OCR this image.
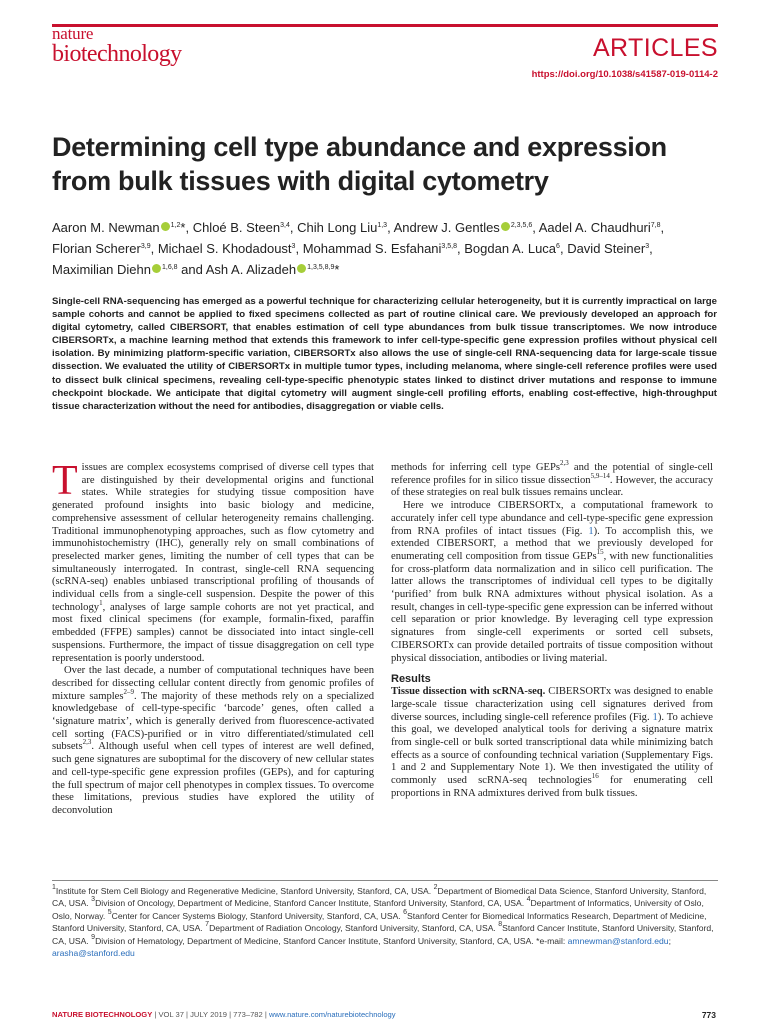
nature
biotechnology	ARTICLES
https://doi.org/10.1038/s41587-019-0114-2
Determining cell type abundance and expression from bulk tissues with digital cytometry
Aaron M. Newman $^{1,2}$*, Chloé B. Steen$^{3,4}$, Chih Long Liu$^{1,3}$, Andrew J. Gentles $^{2,3,5,6}$, Aadel A. Chaudhuri$^{7,8}$, Florian Scherer$^{3,9}$, Michael S. Khodadoust$^3$, Mohammad S. Esfahani$^{3,5,8}$, Bogdan A. Luca$^6$, David Steiner$^3$, Maximilian Diehn $^{1,6,8}$ and Ash A. Alizadeh $^{1,3,5,8,9}$*

Single-cell RNA-sequencing has emerged as a powerful technique for characterizing cellular heterogeneity, but it is currently impractical on large sample cohorts and cannot be applied to fixed specimens collected as part of routine clinical care. We previously developed an approach for digital cytometry, called CIBERSORT, that enables estimation of cell type abundances from bulk tissue transcriptomes. We now introduce CIBERSORTx, a machine learning method that extends this framework to infer cell-type-specific gene expression profiles without physical cell isolation. By minimizing platform-specific variation, CIBERSORTx also allows the use of single-cell RNA-sequencing data for large-scale tissue dissection. We evaluated the utility of CIBERSORTx in multiple tumor types, including melanoma, where single-cell reference profiles were used to dissect bulk clinical specimens, revealing cell-type-specific phenotypic states linked to distinct driver mutations and response to immune checkpoint blockade. We anticipate that digital cytometry will augment single-cell profiling efforts, enabling cost-effective, high-throughput tissue characterization without the need for antibodies, disaggregation or viable cells.

Tissues are complex ecosystems comprised of diverse cell types that are distinguished by their developmental origins and functional states. While strategies for studying tissue composition have generated profound insights into basic biology and medicine, comprehensive assessment of cellular heterogeneity remains challenging. Traditional immunophenotyping approaches, such as flow cytometry and immunohistochemistry (IHC), generally rely on small combinations of preselected marker genes, limiting the number of cell types that can be simultaneously interrogated. In contrast, single-cell RNA sequencing (scRNA-seq) enables unbiased transcriptional profiling of thousands of individual cells from a single-cell suspension. Despite the power of this technology$^1$, analyses of large sample cohorts are not yet practical, and most fixed clinical specimens (for example, formalin-fixed, paraffin embedded (FFPE) samples) cannot be dissociated into intact single-cell suspensions. Furthermore, the impact of tissue disaggregation on cell type representation is poorly understood.

Over the last decade, a number of computational techniques have been described for dissecting cellular content directly from genomic profiles of mixture samples$^{2-9}$. The majority of these methods rely on a specialized knowledgebase of cell-type-specific ‘barcode’ genes, often called a ‘signature matrix’, which is generally derived from fluorescence-activated cell sorting (FACS)-purified or in vitro differentiated/stimulated cell subsets$^{2,3}$. Although useful when cell types of interest are well defined, such gene signatures are suboptimal for the discovery of new cellular states and cell-type-specific gene expression profiles (GEPs), and for capturing the full spectrum of major cell phenotypes in complex tissues. To overcome these limitations, previous studies have explored the utility of deconvolution

methods for inferring cell type GEPs$^{2,3}$ and the potential of single-cell reference profiles for in silico tissue dissection$^{5,9-14}$. However, the accuracy of these strategies on real bulk tissues remains unclear.

Here we introduce CIBERSORTx, a computational framework to accurately infer cell type abundance and cell-type-specific gene expression from RNA profiles of intact tissues (Fig. 1). To accomplish this, we extended CIBERSORT, a method that we previously developed for enumerating cell composition from tissue GEPs$^{15}$, with new functionalities for cross-platform data normalization and in silico cell purification. The latter allows the transcriptomes of individual cell types to be digitally ‘purified’ from bulk RNA admixtures without physical isolation. As a result, changes in cell-type-specific gene expression can be inferred without cell separation or prior knowledge. By leveraging cell type expression signatures from single-cell experiments or sorted cell subsets, CIBERSORTx can provide detailed portraits of tissue composition without physical dissociation, antibodies or living material.

Results

Tissue dissection with scRNA-seq. CIBERSORTx was designed to enable large-scale tissue characterization using cell signatures derived from diverse sources, including single-cell reference profiles (Fig. 1). To achieve this goal, we developed analytical tools for deriving a signature matrix from single-cell or bulk sorted transcriptional data while minimizing batch effects as a source of confounding technical variation (Supplementary Figs. 1 and 2 and Supplementary Note 1). We then investigated the utility of commonly used scRNA-seq technologies$^{16}$ for enumerating cell proportions in RNA admixtures derived from bulk tissues.

$^1$Institute for Stem Cell Biology and Regenerative Medicine, Stanford University, Stanford, CA, USA. $^2$Department of Biomedical Data Science, Stanford University, Stanford, CA, USA. $^3$Division of Oncology, Department of Medicine, Stanford Cancer Institute, Stanford University, Stanford, CA, USA. $^4$Department of Informatics, University of Oslo, Oslo, Norway. $^5$Center for Cancer Systems Biology, Stanford University, Stanford, CA, USA. $^6$Stanford Center for Biomedical Informatics Research, Department of Medicine, Stanford University, Stanford, CA, USA. $^7$Department of Radiation Oncology, Stanford University, Stanford, CA, USA. $^8$Stanford Cancer Institute, Stanford University, Stanford, CA, USA. $^9$Division of Hematology, Department of Medicine, Stanford Cancer Institute, Stanford University, Stanford, CA, USA. *e-mail: amnewman@stanford.edu; arasha@stanford.edu

NATURE BIOTECHNOLOGY | VOL 37 | JULY 2019 | 773–782 | www.nature.com/naturebiotechnology	773
